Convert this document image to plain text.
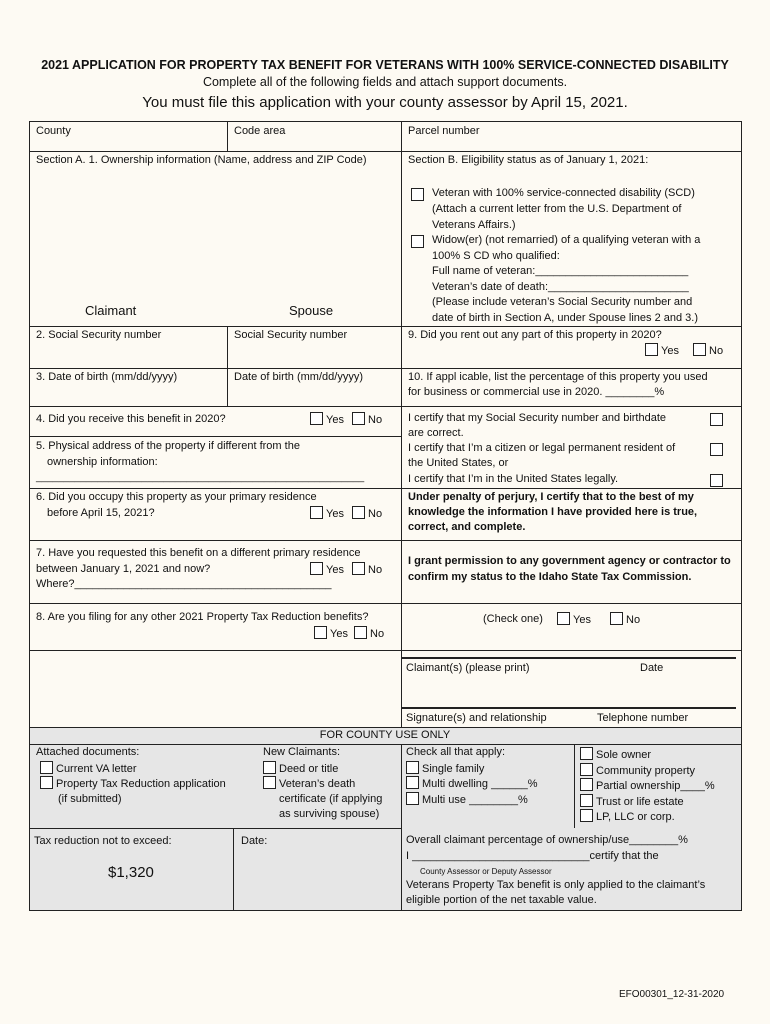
2021 APPLICATION FOR PROPERTY TAX BENEFIT FOR VETERANS WITH 100% SERVICE-CONNECTED DISABILITY
Complete all of the following fields and attach support documents.
You must file this application with your county assessor by April 15, 2021.
County	Code area	Parcel number
Section A. 1. Ownership information (Name, address and ZIP Code)
Claimant	Spouse
Section B. Eligibility status as of January 1, 2021:
Veteran with 100% service-connected disability (SCD)
(Attach a current letter from the U.S. Department of
Veterans Affairs.)
Widow(er) (not remarried) of a qualifying veteran with a
100% S CD who qualified:
Full name of veteran:_________________________
Veteran’s date of death:_______________________
(Please include veteran’s Social Security number and
date of birth in Section A, under Spouse lines 2 and 3.)
2. Social Security number	Social Security number	9. Did you rent out any part of this property in 2020?
Yes	No
3. Date of birth (mm/dd/yyyy)	Date of birth (mm/dd/yyyy)	10. If appl icable, list the percentage of this property you used
for business or commercial use in 2020. ________%
4. Did you receive this benefit in 2020?	Yes	No
5. Physical address of the property if different from the
ownership information:
___________________________________________________________
I certify that my Social Security number and birthdate
are correct.
I certify that I’m a citizen or legal permanent resident of
the United States, or
I certify that I’m in the United States legally.
Under penalty of perjury, I certify that to the best of my
knowledge the information I have provided here is true,
correct, and complete.
6. Did you occupy this property as your primary residence
before April 15, 2021?	Yes	No
7. Have you requested this benefit on a different primary residence
between January 1, 2021 and now?
Where?__________________________________________
Yes	No
I grant permission to any government agency or contractor to
confirm my status to the Idaho State Tax Commission.
8. Are you filing for any other 2021 Property Tax Reduction benefits?
Yes	No
(Check one)	Yes	No
Claimant(s) (please print)	Date
Signature(s) and relationship	Telephone number
FOR COUNTY USE ONLY
Attached documents:
Current VA letter
Property Tax Reduction application
(if submitted)
New Claimants:
Deed or title
Veteran’s death
certificate (if applying
as surviving spouse)
Check all that apply:
Single family
Multi dwelling ______%
Multi use ________%
Sole owner
Community property
Partial ownership____%
Trust or life estate
LP, LLC or corp.
Tax reduction not to exceed:
$1,320
Date:	Overall claimant percentage of ownership/use________%
I _____________________________certify that the
County Assessor or Deputy Assessor
Veterans Property Tax benefit is only applied to the claimant’s
eligible portion of the net taxable value.
EFO00301_12-31-2020
